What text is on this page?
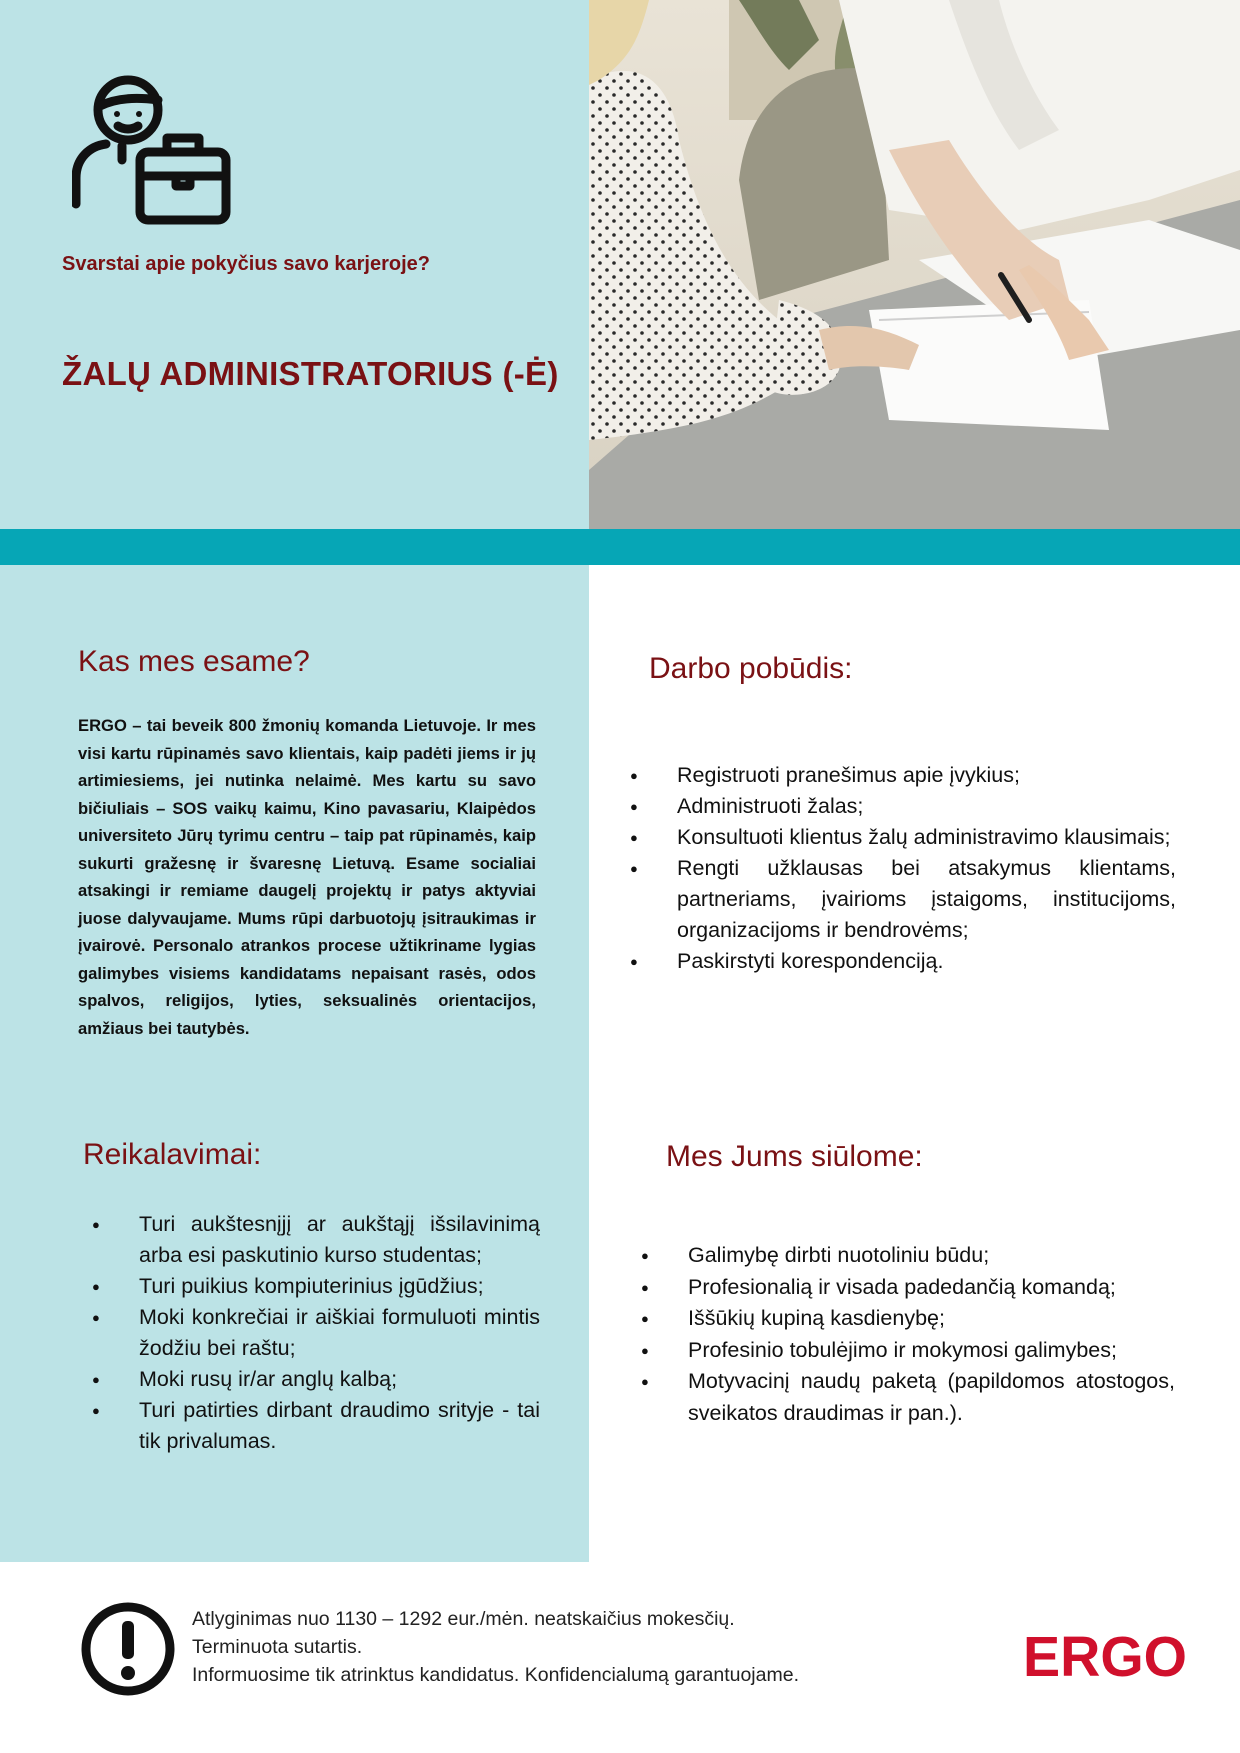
Svarstai apie pokyčius savo karjeroje?
ŽALŲ ADMINISTRATORIUS (-Ė)
Kas mes esame?	Darbo pobūdis:
Reikalavimai:	Mes Jums siūlome:
ERGO – tai beveik 800 žmonių komanda Lietuvoje. Ir mes visi kartu rūpinamės savo klientais, kaip padėti jiems ir jų artimiesiems, jei nutinka nelaimė. Mes kartu su savo bičiuliais – SOS vaikų kaimu, Kino pavasariu, Klaipėdos universiteto Jūrų tyrimu centru – taip pat rūpinamės, kaip sukurti gražesnę ir švaresnę Lietuvą. Esame socialiai atsakingi ir remiame daugelį projektų ir patys aktyviai juose dalyvaujame. Mums rūpi darbuotojų įsitraukimas ir įvairovė. Personalo atrankos procese užtikriname lygias galimybes visiems kandidatams nepaisant rasės, odos spalvos, religijos, lyties, seksualinės orientacijos, amžiaus bei tautybės.
● Registruoti pranešimus apie įvykius;
● Administruoti žalas;
● Konsultuoti klientus žalų administravimo klausimais;
● Rengti užklausas bei atsakymus klientams, partneriams, įvairioms įstaigoms, institucijoms, organizacijoms ir bendrovėms;
● Paskirstyti korespondenciją.
● Turi aukštesnįjį ar aukštąjį išsilavinimą arba esi paskutinio kurso studentas;
● Turi puikius kompiuterinius įgūdžius;
● Moki konkrečiai ir aiškiai formuluoti mintis žodžiu bei raštu;
● Moki rusų ir/ar anglų kalbą;
● Turi patirties dirbant draudimo srityje - tai tik privalumas.
● Galimybę dirbti nuotoliniu būdu;
● Profesionalią ir visada padedančią komandą;
● Iššūkių kupiną kasdienybę;
● Profesinio tobulėjimo ir mokymosi galimybes;
● Motyvacinį naudų paketą (papildomos atostogos, sveikatos draudimas ir pan.).
Atlyginimas nuo 1130 – 1292 eur./mėn. neatskaičius mokesčių.
Terminuota sutartis.
Informuosime tik atrinktus kandidatus. Konfidencialumą garantuojame.	ERGO
